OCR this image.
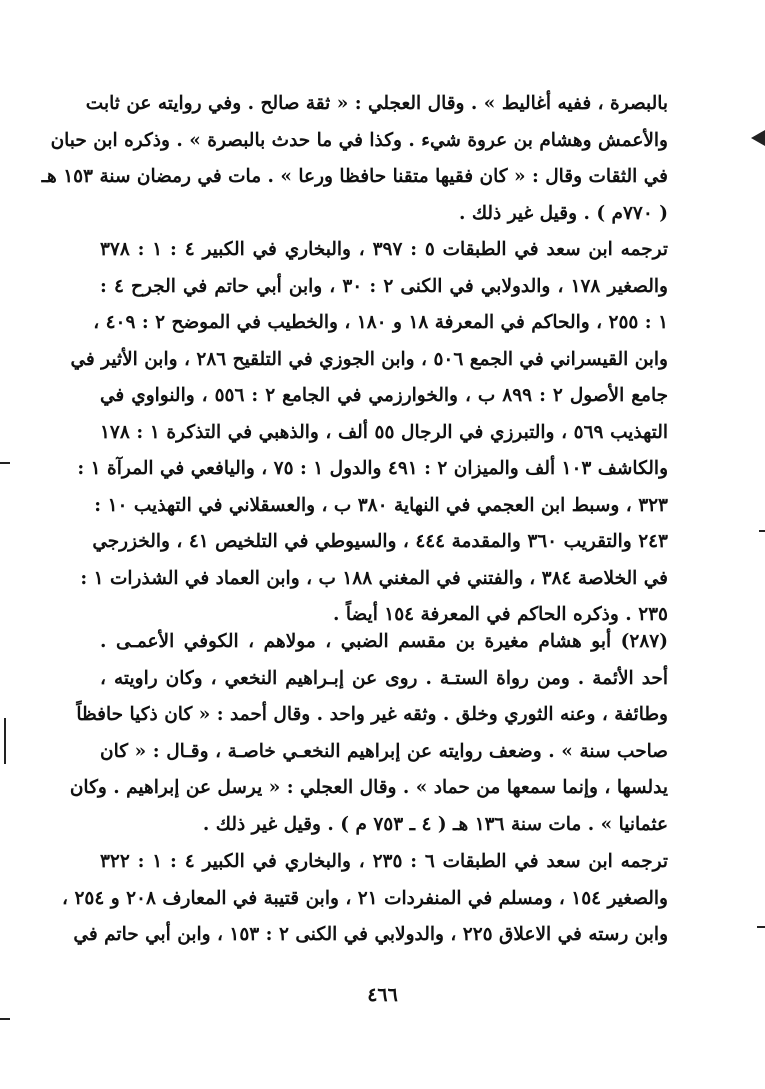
بالبصرة ، ففيه أغاليط » . وقال العجلي : « ثقة صالح . وفي روايته عن ثابت
والأعمش وهشام بن عروة شيء . وكذا في ما حدث بالبصرة » . وذكره ابن حبان
في الثقات وقال : « كان فقيها متقنا حافظا ورعا » . مات في رمضان سنة ١٥٣ هـ
( ٧٧٠م ) . وقيل غير ذلك .
ترجمه ابن سعد في الطبقات ٥ : ٣٩٧ ، والبخاري في الكبير ٤ : ١ : ٣٧٨
والصغير ١٧٨ ، والدولابي في الكنى ٢ : ٣٠ ، وابن أبي حاتم في الجرح ٤ :
١ : ٢٥٥ ، والحاكم في المعرفة ١٨ و ١٨٠ ، والخطيب في الموضح ٢ : ٤٠٩ ،
وابن القيسراني في الجمع ٥٠٦ ، وابن الجوزي في التلقيح ٢٨٦ ، وابن الأثير في
جامع الأصول ٢ : ٨٩٩ ب ، والخوارزمي في الجامع ٢ : ٥٥٦ ، والنواوي في
التهذيب ٥٦٩ ، والتبرزي في الرجال ٥٥ ألف ، والذهبي في التذكرة ١ : ١٧٨
والكاشف ١٠٣ ألف والميزان ٢ : ٤٩١ والدول ١ : ٧٥ ، واليافعي في المرآة ١ :
٣٢٣ ، وسبط ابن العجمي في النهاية ٣٨٠ ب ، والعسقلاني في التهذيب ١٠ :
٢٤٣ والتقريب ٣٦٠ والمقدمة ٤٤٤ ، والسيوطي في التلخيص ٤١ ، والخزرجي
في الخلاصة ٣٨٤ ، والفتني في المغني ١٨٨ ب ، وابن العماد في الشذرات ١ :
٢٣٥ . وذكره الحاكم في المعرفة ١٥٤ أيضاً .
(٢٨٧) أبو هشام مغيرة بن مقسم الضبي ، مولاهم ، الكوفي الأعمـى .
أحد الأئمة . ومن رواة الستـة . روى عن إبـراهيم النخعي ، وكان راويته ،
وطائفة ، وعنه الثوري وخلق . وثقه غير واحد . وقال أحمد : « كان ذكيا حافظاً
صاحب سنة » . وضعف روايته عن إبراهيم النخعـي خاصـة ، وقـال : « كان
يدلسها ، وإنما سمعها من حماد » . وقال العجلي : « يرسل عن إبراهيم . وكان
عثمانيا » . مات سنة ١٣٦ هـ ( ٤ ـ ٧٥٣ م ) . وقيل غير ذلك .
ترجمه ابن سعد في الطبقات ٦ : ٢٣٥ ، والبخاري في الكبير ٤ : ١ : ٣٢٢
والصغير ١٥٤ ، ومسلم في المنفردات ٢١ ، وابن قتيبة في المعارف ٢٠٨ و ٢٥٤ ،
وابن رسته في الاعلاق ٢٢٥ ، والدولابي في الكنى ٢ : ١٥٣ ، وابن أبي حاتم في
٤٦٦
